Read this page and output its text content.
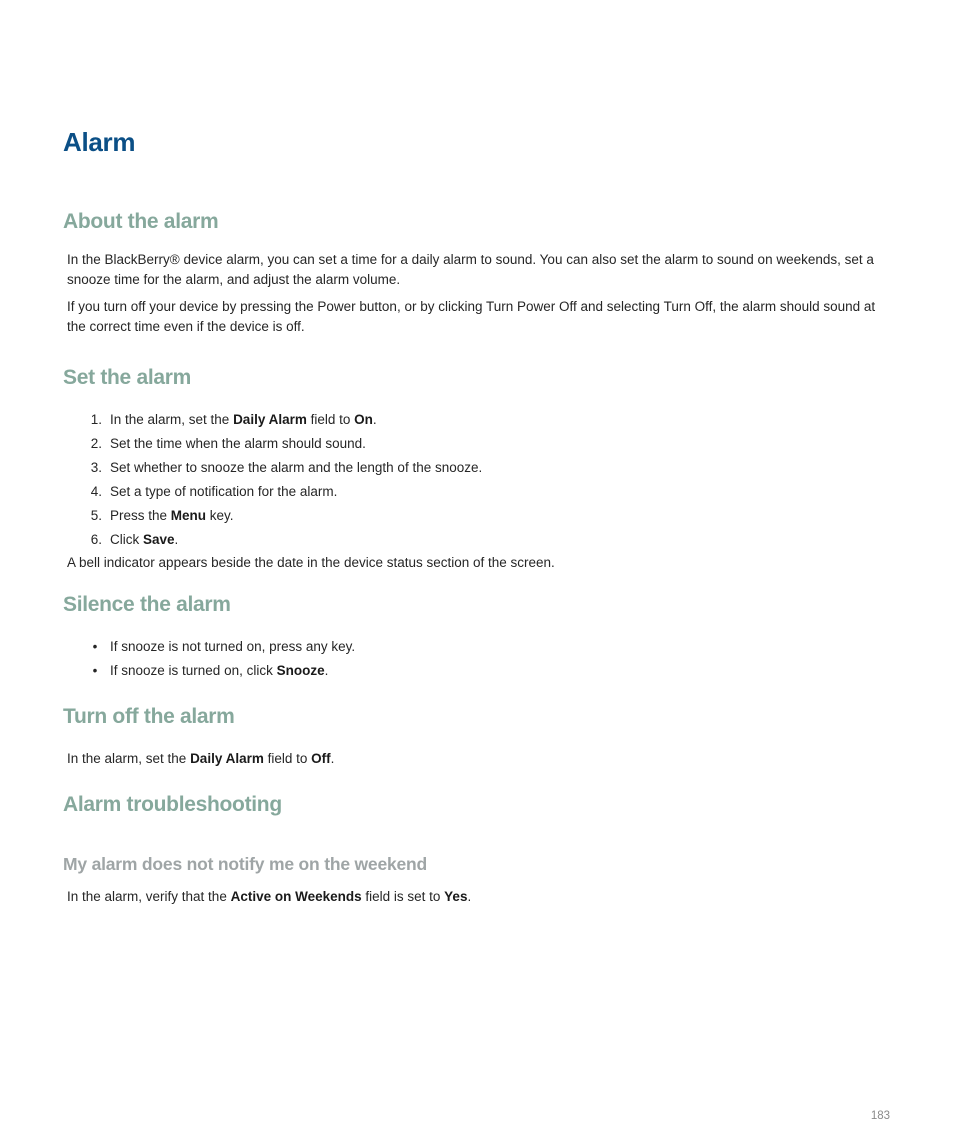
Alarm
About the alarm

In the BlackBerry® device alarm, you can set a time for a daily alarm to sound. You can also set the alarm to sound on weekends, set a snooze time for the alarm, and adjust the alarm volume.

If you turn off your device by pressing the Power button, or by clicking Turn Power Off and selecting Turn Off, the alarm should sound at the correct time even if the device is off.

Set the alarm
1. In the alarm, set the Daily Alarm field to On.
2. Set the time when the alarm should sound.
3. Set whether to snooze the alarm and the length of the snooze.
4. Set a type of notification for the alarm.
5. Press the Menu key.
6. Click Save.

A bell indicator appears beside the date in the device status section of the screen.

Silence the alarm
• If snooze is not turned on, press any key.
• If snooze is turned on, click Snooze.
Turn off the alarm

In the alarm, set the Daily Alarm field to Off.

Alarm troubleshooting
My alarm does not notify me on the weekend

In the alarm, verify that the Active on Weekends field is set to Yes.

183
